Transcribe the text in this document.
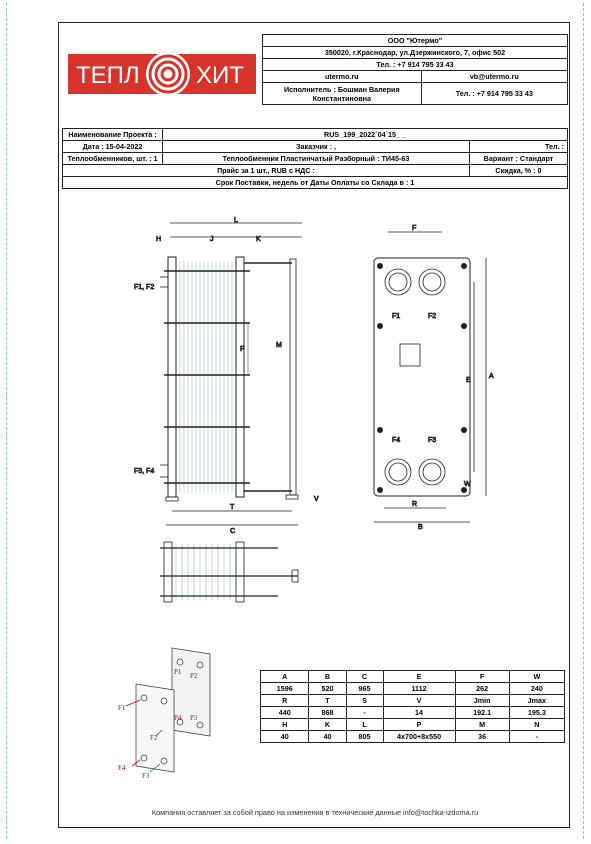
ТЕПЛ ХИТ
ООО "Ютермо"	
350020, г.Краснодар, ул.Дзержинского, 7, офис 502	
Тел. : +7 914 795 33 43	
utermo.ru	vb@utermo.ru
Исполнитель : Бошман Валерия Константиновна	Тел. : +7 914 795 33 43
Наименование Проекта :	RUS_199_2022`04`15_ _	
Дата : 15-04-2022	Заказчик : ,	Тел. :
Теплообменников, шт. : 1	Теплообменник Пластинчатый Разборный : ТИ45-63	Вариант : Стандарт
Прайс за 1 шт., RUB с НДС :		Скидка, % : 0
Срок Поставки, недель от Даты Оплаты со Склада в : 1		
L
H	J	K
F1, F2
F3, F4
P
M
T
C
V
F
F1	F2
F4	F3
A
E
W
R
B
P1 P2
P4 P3
F1
F2
F4
F3
A	B	C	E	F	W
1596	520	965	1112	262	240
R	T	S	V	Jmin	Jmax
440	868	-	14	192.1	195.3
H	K	L	P	M	N
40	40	805	4x700+8x550	36	-
Компания оставляет за собой право на изменения в технические данные info@tochka-izdoma.ru
